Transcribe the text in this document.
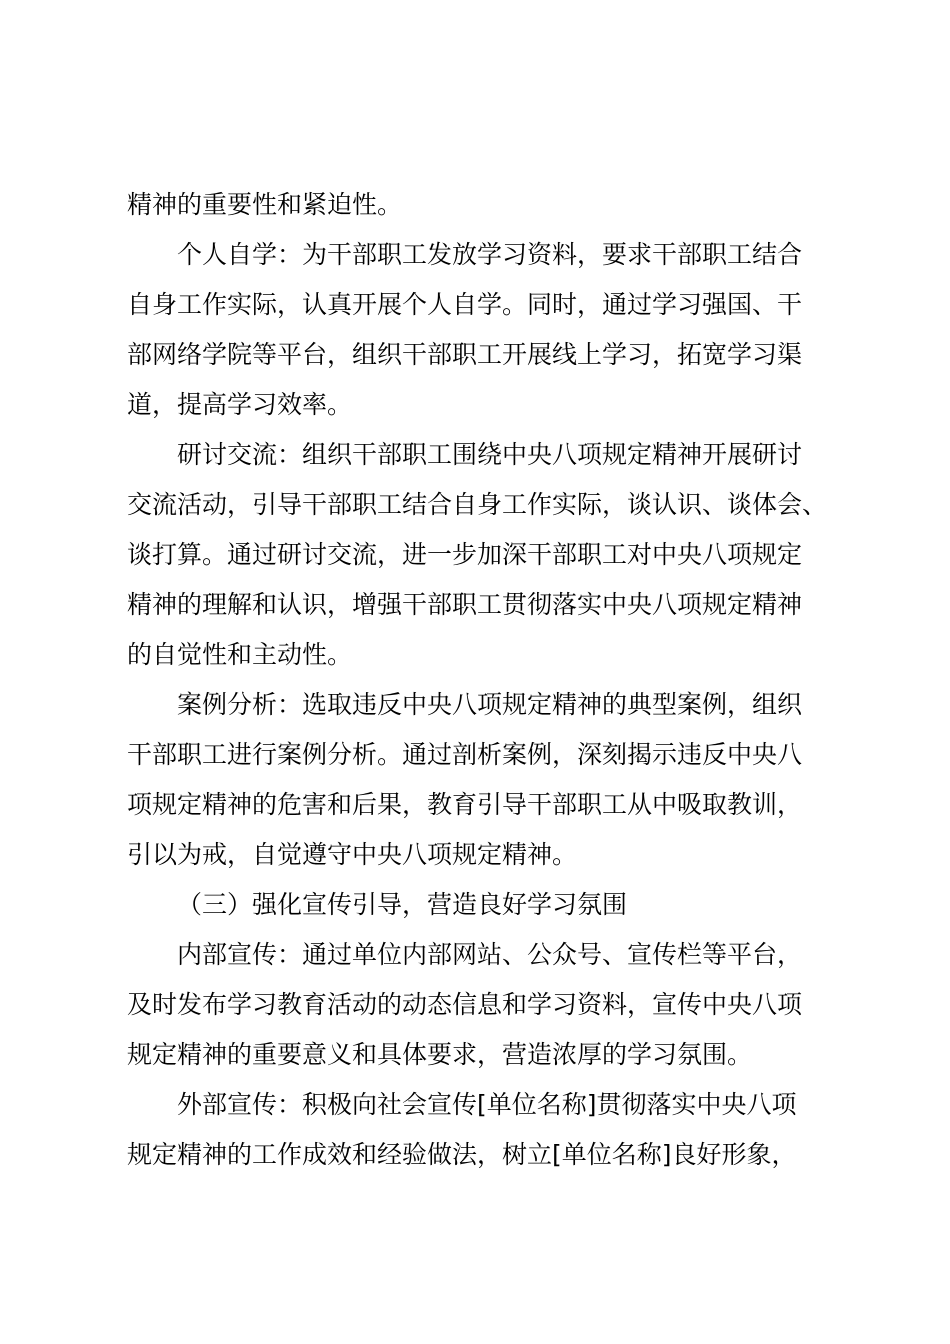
精神的重要性和紧迫性。
个人自学：为干部职工发放学习资料，要求干部职工结合
自身工作实际，认真开展个人自学。同时，通过学习强国、干
部网络学院等平台，组织干部职工开展线上学习，拓宽学习渠
道，提高学习效率。
研讨交流：组织干部职工围绕中央八项规定精神开展研讨
交流活动，引导干部职工结合自身工作实际，谈认识、谈体会、
谈打算。通过研讨交流，进一步加深干部职工对中央八项规定
精神的理解和认识，增强干部职工贯彻落实中央八项规定精神
的自觉性和主动性。
案例分析：选取违反中央八项规定精神的典型案例，组织
干部职工进行案例分析。通过剖析案例，深刻揭示违反中央八
项规定精神的危害和后果，教育引导干部职工从中吸取教训，
引以为戒，自觉遵守中央八项规定精神。
（三）强化宣传引导，营造良好学习氛围
内部宣传：通过单位内部网站、公众号、宣传栏等平台，
及时发布学习教育活动的动态信息和学习资料，宣传中央八项
规定精神的重要意义和具体要求，营造浓厚的学习氛围。
外部宣传：积极向社会宣传[单位名称]贯彻落实中央八项
规定精神的工作成效和经验做法，树立[单位名称]良好形象，
